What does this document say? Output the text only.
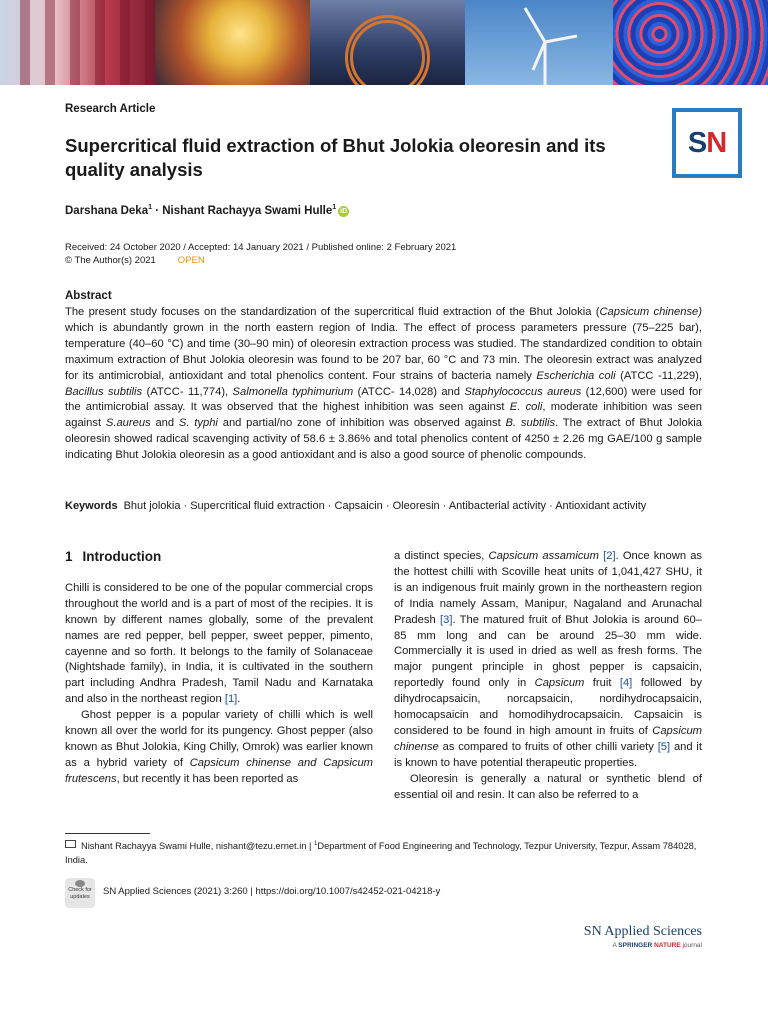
Research Article
Supercritical fluid extraction of Bhut Jolokia oleoresin and its quality analysis
SN
Darshana Deka$^1$ · Nishant Rachayya Swami Hulle$^1$iD
Received: 24 October 2020 / Accepted: 14 January 2021 / Published online: 2 February 2021
© The Author(s) 2021 OPEN
Abstract
The present study focuses on the standardization of the supercritical fluid extraction of the Bhut Jolokia (Capsicum chinense) which is abundantly grown in the north eastern region of India. The effect of process parameters pressure (75–225 bar), temperature (40–60 °C) and time (30–90 min) of oleoresin extraction process was studied. The standardized condition to obtain maximum extraction of Bhut Jolokia oleoresin was found to be 207 bar, 60 °C and 73 min. The oleoresin extract was analyzed for its antimicrobial, antioxidant and total phenolics content. Four strains of bacteria namely Escherichia coli (ATCC -11,229), Bacillus subtilis (ATCC- 11,774), Salmonella typhimurium (ATCC- 14,028) and Staphylococcus aureus (12,600) were used for the antimicrobial assay. It was observed that the highest inhibition was seen against E. coli, moderate inhibition was seen against S.aureus and S. typhi and partial/no zone of inhibition was observed against B. subtilis. The extract of Bhut Jolokia oleoresin showed radical scavenging activity of 58.6 ± 3.86% and total phenolics content of 4250 ± 2.26 mg GAE/100 g sample indicating Bhut Jolokia oleoresin as a good antioxidant and is also a good source of phenolic compounds.
Keywords Bhut jolokia · Supercritical fluid extraction · Capsaicin · Oleoresin · Antibacterial activity · Antioxidant activity

1 Introduction

Chilli is considered to be one of the popular commercial crops throughout the world and is a part of most of the recipies. It is known by different names globally, some of the prevalent names are red pepper, bell pepper, sweet pepper, pimento, cayenne and so forth. It belongs to the family of Solanaceae (Nightshade family), in India, it is cultivated in the southern part including Andhra Pradesh, Tamil Nadu and Karnataka and also in the northeast region [1].

Ghost pepper is a popular variety of chilli which is well known all over the world for its pungency. Ghost pepper (also known as Bhut Jolokia, King Chilly, Omrok) was earlier known as a hybrid variety of Capsicum chinense and Capsicum frutescens, but recently it has been reported as

a distinct species, Capsicum assamicum [2]. Once known as the hottest chilli with Scoville heat units of 1,041,427 SHU, it is an indigenous fruit mainly grown in the northeastern region of India namely Assam, Manipur, Nagaland and Arunachal Pradesh [3]. The matured fruit of Bhut Jolokia is around 60–85 mm long and can be around 25–30 mm wide. Commercially it is used in dried as well as fresh forms. The major pungent principle in ghost pepper is capsaicin, reportedly found only in Capsicum fruit [4] followed by dihydrocapsaicin, norcapsaicin, nordihydrocapsaicin, homocapsaicin and homodihydrocapsaicin. Capsaicin is considered to be found in high amount in fruits of Capsicum chinense as compared to fruits of other chilli variety [5] and it is known to have potential therapeutic properties.

Oleoresin is generally a natural or synthetic blend of essential oil and resin. It can also be referred to a

Nishant Rachayya Swami Hulle, nishant@tezu.ernet.in | $^1$Department of Food Engineering and Technology, Tezpur University, Tezpur, Assam 784028, India.
Check for updates	SN Applied Sciences (2021) 3:260 | https://doi.org/10.1007/s42452-021-04218-y
SN Applied Sciences
A SPRINGER NATURE journal
